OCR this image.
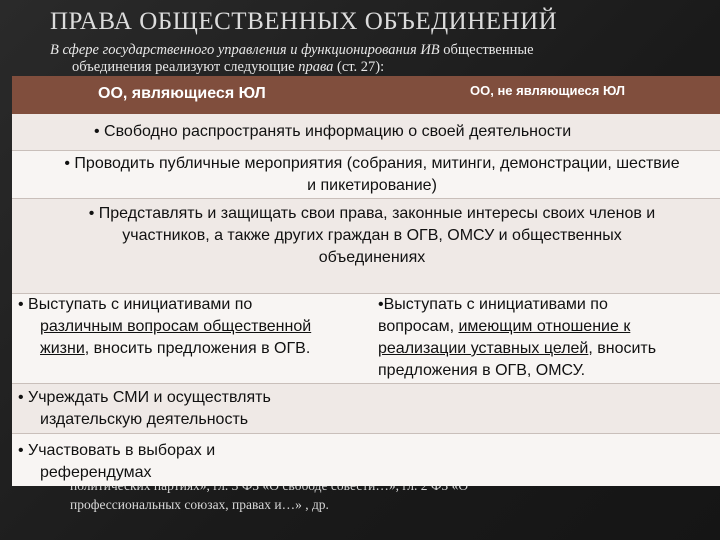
ПРАВА ОБЩЕСТВЕННЫХ ОБЪЕДИНЕНИЙ
В сфере государственного управления и функционирования ИВ общественные
объединения реализуют следующие права (ст. 27):
профессиональных союзах, правах и…» , др.
ОО, являющиеся ЮЛ	ОО, не являющиеся ЮЛ
• Свободно распространять информацию о своей деятельности
• Проводить публичные мероприятия (собрания, митинги, демонстрации, шествие
и пикетирование)
• Представлять и защищать свои права, законные интересы своих членов и
участников, а также других граждан в ОГВ, ОМСУ и общественных
объединениях
• Выступать с инициативами по
различным вопросам общественной
жизни, вносить предложения в ОГВ.
•Выступать с инициативами по
вопросам, имеющим отношение к
реализации уставных целей, вносить
предложения в ОГВ, ОМСУ.
• Учреждать СМИ и осуществлять
издательскую деятельность
• Участвовать в выборах и
референдумах
